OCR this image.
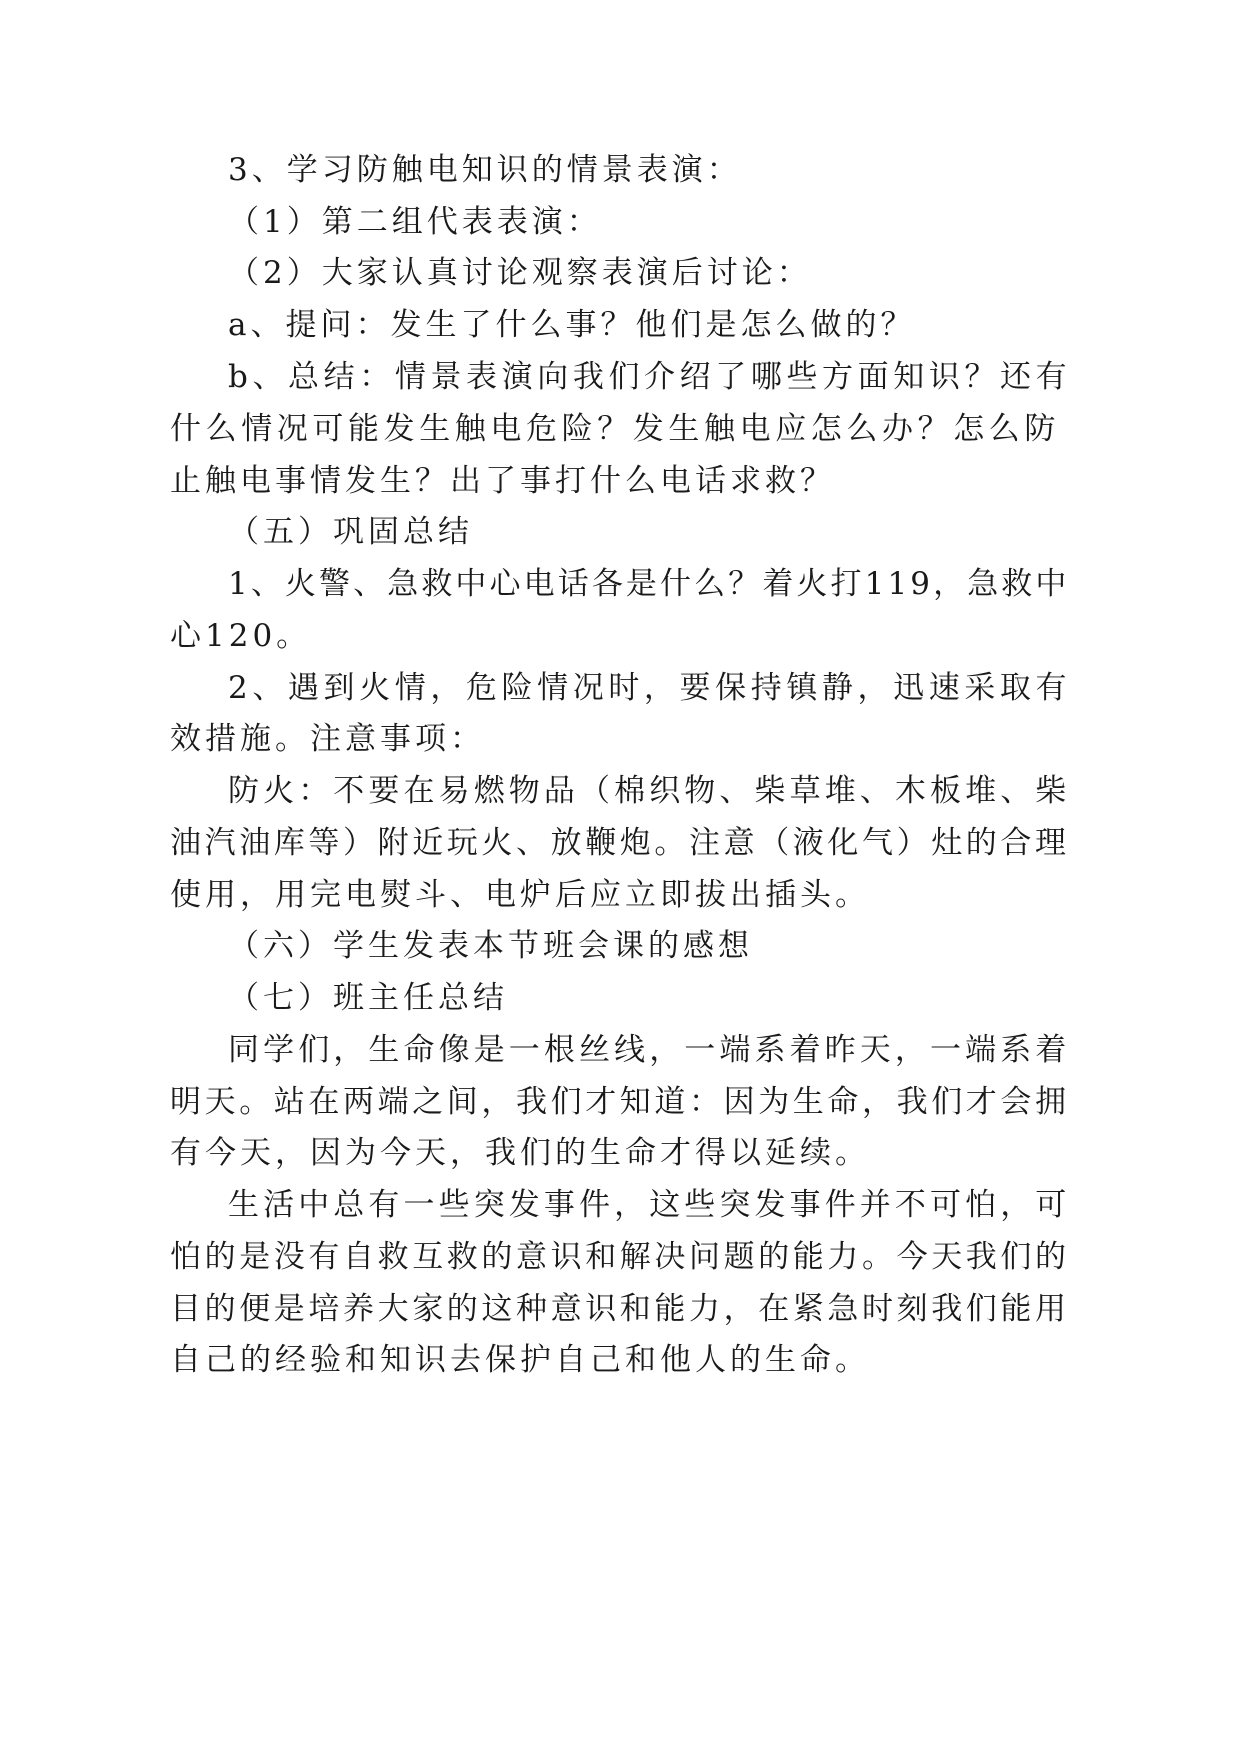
3、学习防触电知识的情景表演：
（1）第二组代表表演：
（2）大家认真讨论观察表演后讨论：
a、提问：发生了什么事？他们是怎么做的？
b、总结：情景表演向我们介绍了哪些方面知识？还有
什么情况可能发生触电危险？发生触电应怎么办？怎么防
止触电事情发生？出了事打什么电话求救？
（五）巩固总结
1、火警、急救中心电话各是什么？着火打119，急救中
心120。
2、遇到火情，危险情况时，要保持镇静，迅速采取有
效措施。注意事项：
防火：不要在易燃物品（棉织物、柴草堆、木板堆、柴
油汽油库等）附近玩火、放鞭炮。注意（液化气）灶的合理
使用，用完电熨斗、电炉后应立即拔出插头。
（六）学生发表本节班会课的感想
（七）班主任总结
同学们，生命像是一根丝线，一端系着昨天，一端系着
明天。站在两端之间，我们才知道：因为生命，我们才会拥
有今天，因为今天，我们的生命才得以延续。
生活中总有一些突发事件，这些突发事件并不可怕，可
怕的是没有自救互救的意识和解决问题的能力。今天我们的
目的便是培养大家的这种意识和能力，在紧急时刻我们能用
自己的经验和知识去保护自己和他人的生命。
